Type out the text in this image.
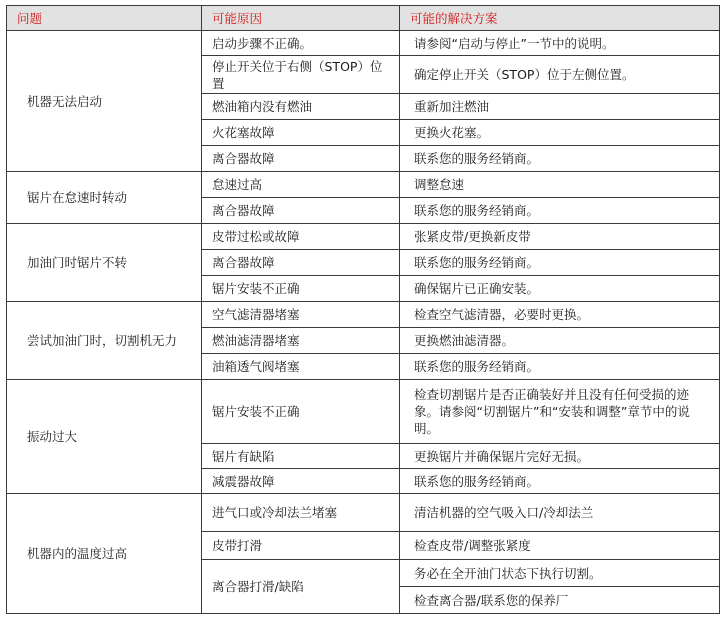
问题	可能原因	可能的解决方案
机器无法启动	启动步骤不正确。	请参阅“启动与停止”一节中的说明。
	停止开关位于右侧（STOP）位置	确定停止开关（STOP）位于左侧位置。
	燃油箱内没有燃油	重新加注燃油
	火花塞故障	更换火花塞。
	离合器故障	联系您的服务经销商。
锯片在怠速时转动	怠速过高	调整怠速
	离合器故障	联系您的服务经销商。
加油门时锯片不转	皮带过松或故障	张紧皮带/更换新皮带
	离合器故障	联系您的服务经销商。
	锯片安装不正确	确保锯片已正确安装。
尝试加油门时，切割机无力	空气滤清器堵塞	检查空气滤清器，必要时更换。
	燃油滤清器堵塞	更换燃油滤清器。
	油箱透气阀堵塞	联系您的服务经销商。
振动过大	锯片安装不正确	检查切割锯片是否正确装好并且没有任何受损的迹象。请参阅“切割锯片”和“安装和调整”章节中的说明。
	锯片有缺陷	更换锯片并确保锯片完好无损。
	减震器故障	联系您的服务经销商。
机器内的温度过高	进气口或冷却法兰堵塞	清洁机器的空气吸入口/冷却法兰
	皮带打滑	检查皮带/调整张紧度
	离合器打滑/缺陷	务必在全开油门状态下执行切割。
		检查离合器/联系您的保养厂
